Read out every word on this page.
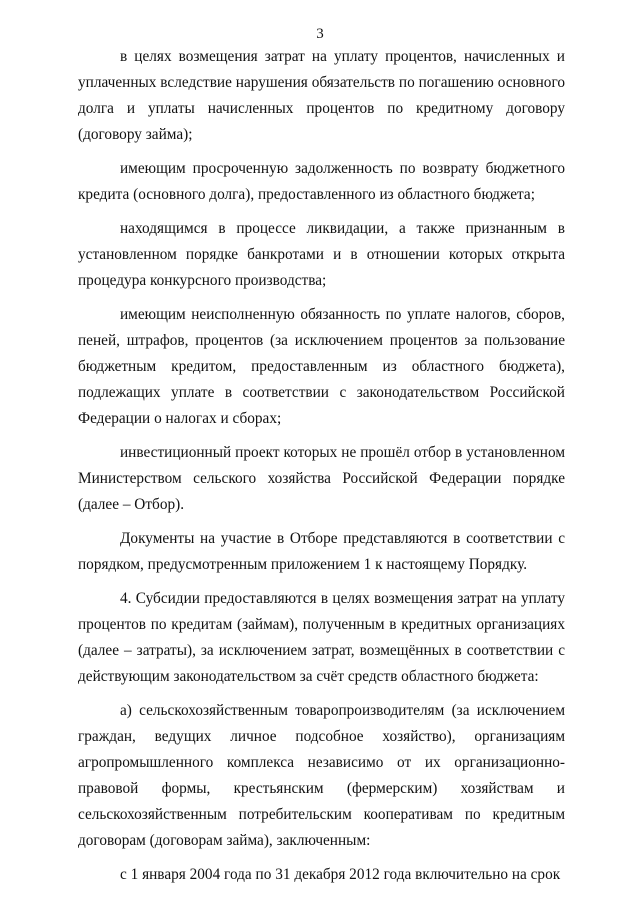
3

в целях возмещения затрат на уплату процентов, начисленных и уплаченных вследствие нарушения обязательств по погашению основного долга и уплаты начисленных процентов по кредитному договору (договору займа);

имеющим просроченную задолженность по возврату бюджетного кредита (основного долга), предоставленного из областного бюджета;

находящимся в процессе ликвидации, а также признанным в установленном порядке банкротами и в отношении которых открыта процедура конкурсного производства;

имеющим неисполненную обязанность по уплате налогов, сборов, пеней, штрафов, процентов (за исключением процентов за пользование бюджетным кредитом, предоставленным из областного бюджета), подлежащих уплате в соответствии с законодательством Российской Федерации о налогах и сборах;

инвестиционный проект которых не прошёл отбор в установленном Министерством сельского хозяйства Российской Федерации порядке (далее – Отбор).

Документы на участие в Отборе представляются в соответствии с порядком, предусмотренным приложением 1 к настоящему Порядку.

4. Субсидии предоставляются в целях возмещения затрат на уплату процентов по кредитам (займам), полученным в кредитных организациях (далее – затраты), за исключением затрат, возмещённых в соответствии с действующим законодательством за счёт средств областного бюджета:

а) сельскохозяйственным товаропроизводителям (за исключением граждан, ведущих личное подсобное хозяйство), организациям агропромышленного комплекса независимо от их организационно-правовой формы, крестьянским (фермерским) хозяйствам и сельскохозяйственным потребительским кооперативам по кредитным договорам (договорам займа), заключенным:

с 1 января 2004 года по 31 декабря 2012 года включительно на срок
